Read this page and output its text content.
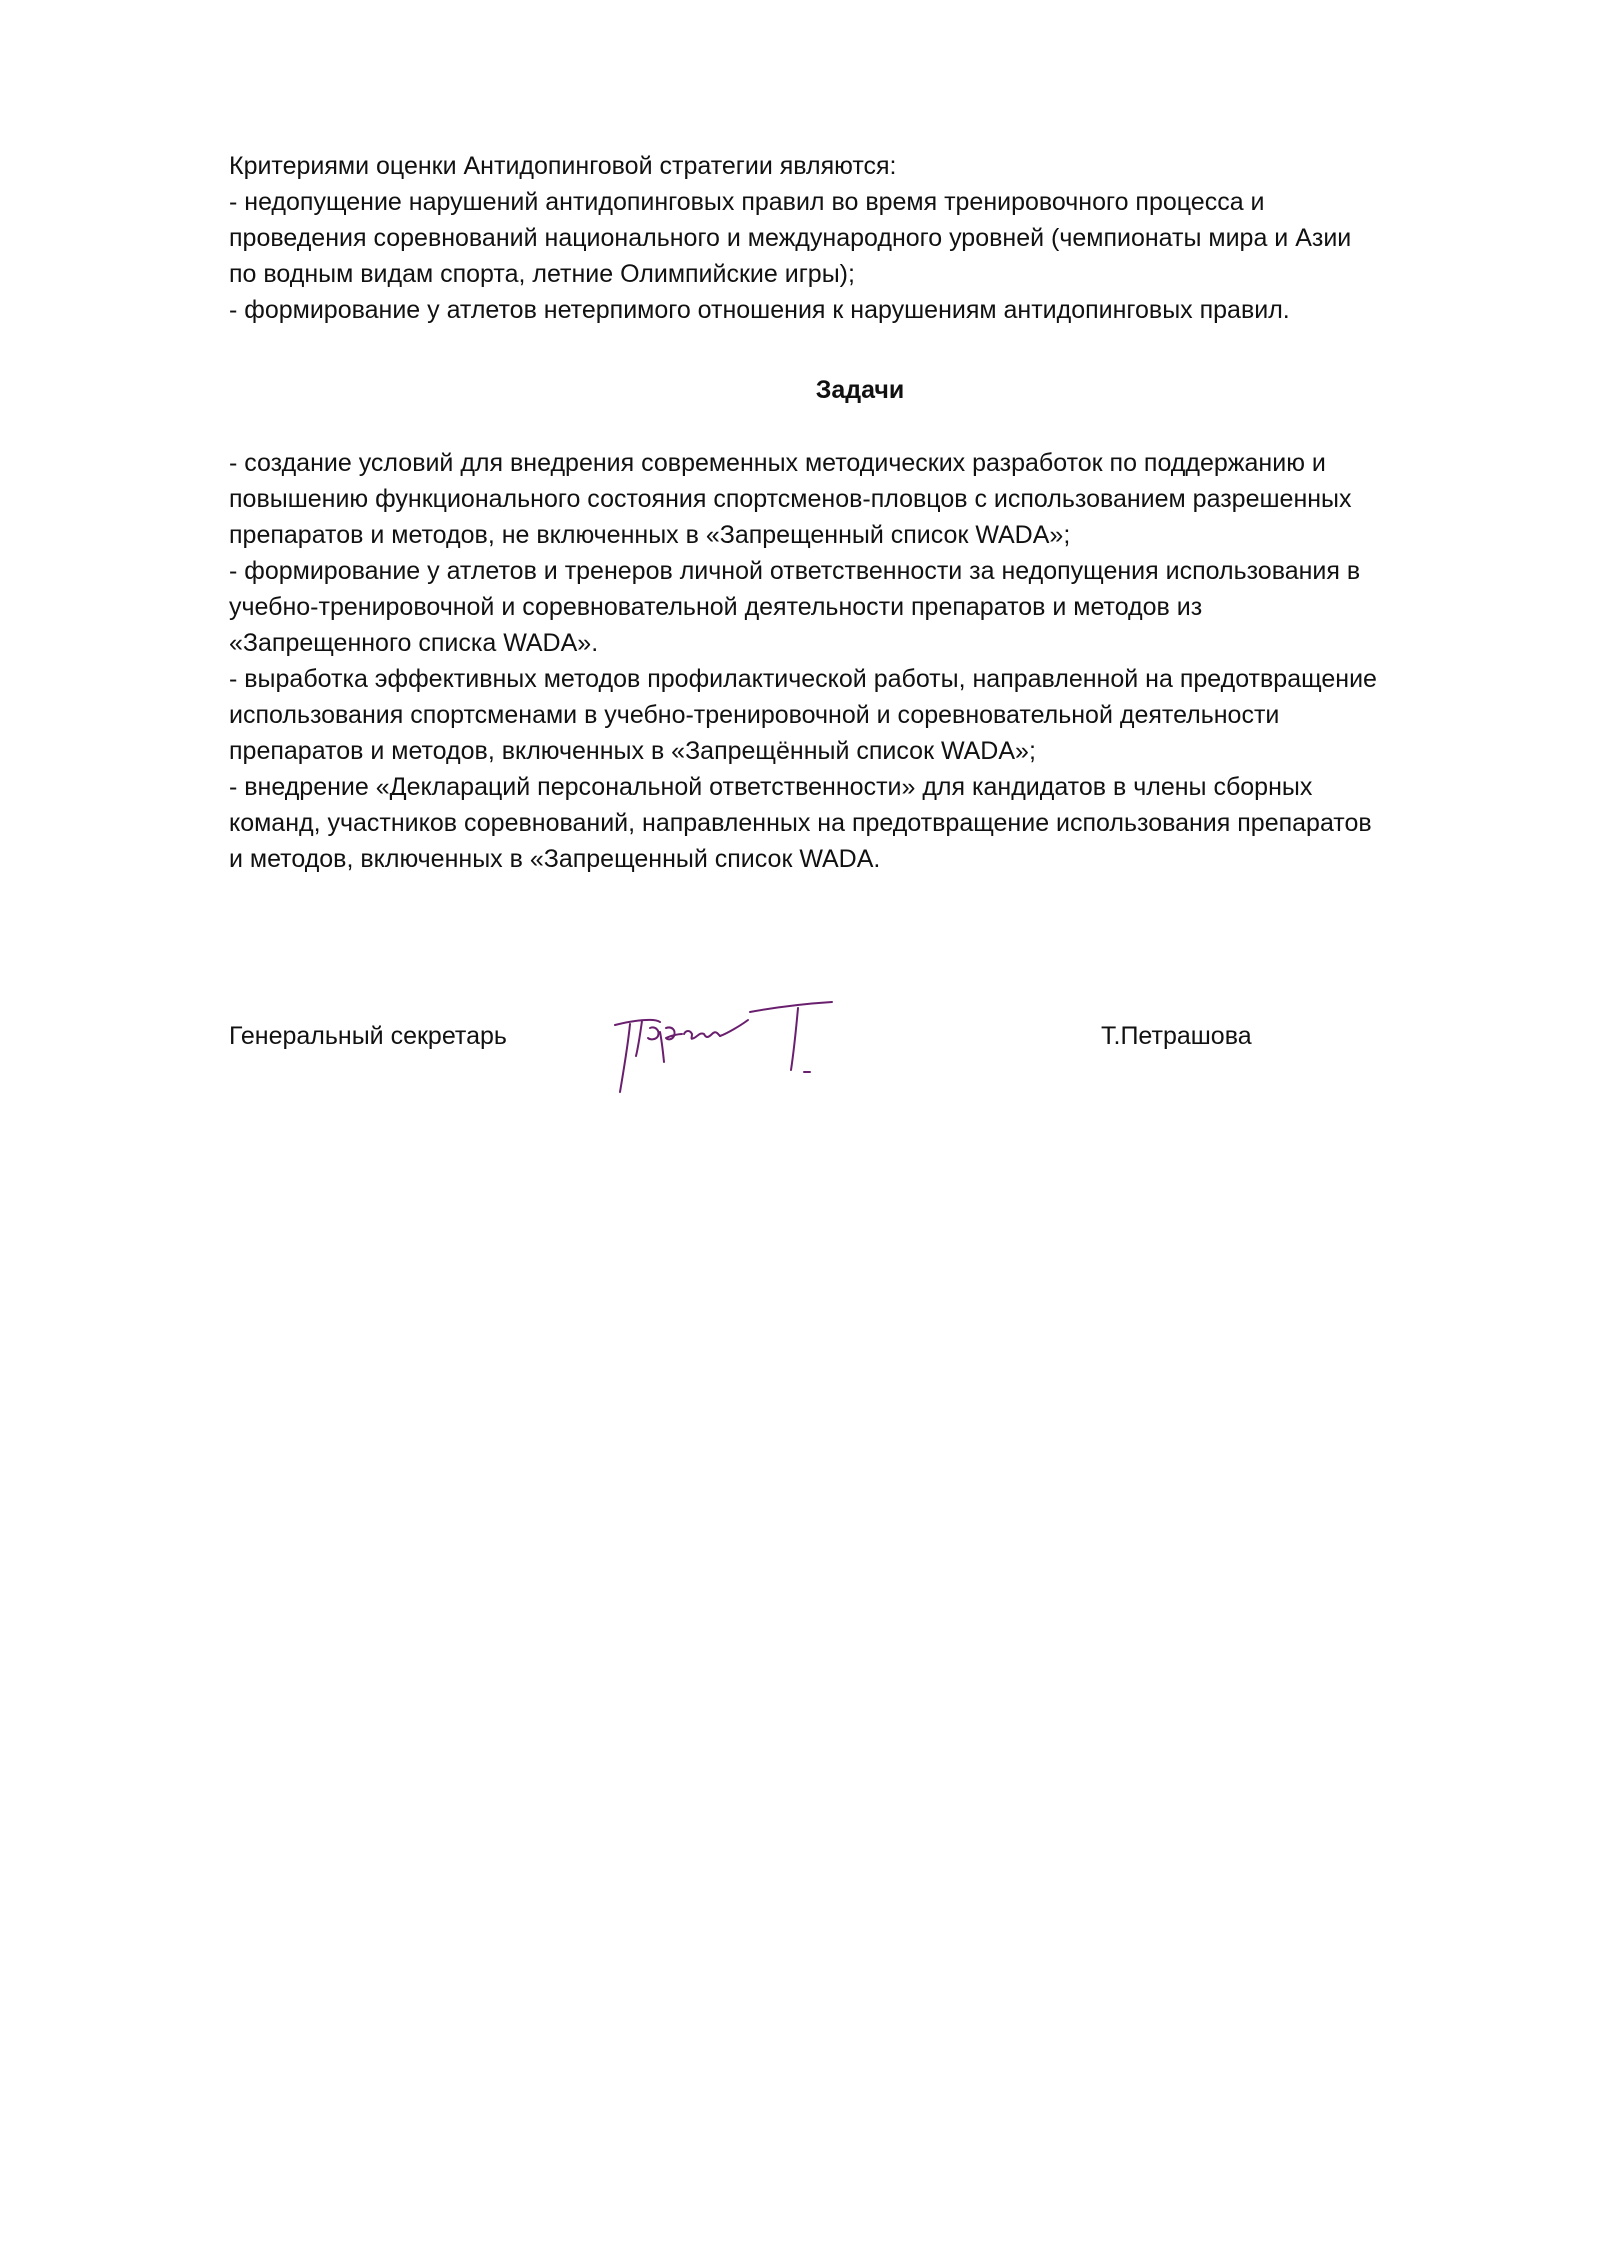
Критериями оценки Антидопинговой стратегии являются:
- недопущение нарушений антидопинговых правил во время тренировочного процесса и
проведения соревнований национального и международного уровней (чемпионаты мира и Азии
по водным видам спорта, летние Олимпийские игры);
- формирование у атлетов нетерпимого отношения к нарушениям антидопинговых правил.
Задачи
- создание условий для внедрения современных методических разработок по поддержанию и
повышению функционального состояния спортсменов-пловцов с использованием разрешенных
препаратов и методов, не включенных в «Запрещенный список WADA»;
- формирование у атлетов и тренеров личной ответственности за недопущения использования в
учебно-тренировочной и соревновательной деятельности препаратов и методов из
«Запрещенного списка WADA».
- выработка эффективных методов профилактической работы, направленной на предотвращение
использования спортсменами в учебно-тренировочной и соревновательной деятельности
препаратов и методов, включенных в «Запрещённый список WADA»;
- внедрение «Деклараций персональной ответственности» для кандидатов в члены сборных
команд, участников соревнований, направленных на предотвращение использования препаратов
и методов, включенных в «Запрещенный список WADA.
Генеральный секретарь	Т.Петрашова
